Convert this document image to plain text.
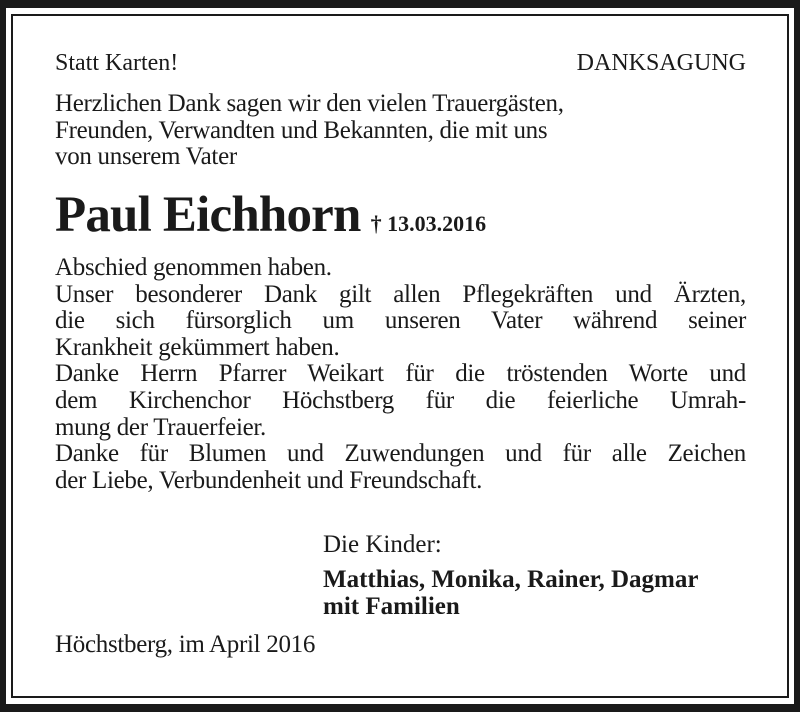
Statt Karten!	DANKSAGUNG
Herzlichen Dank sagen wir den vielen Trauergästen,
Freunden, Verwandten und Bekannten, die mit uns
von unserem Vater
Paul Eichhorn † 13.03.2016
Abschied genommen haben.
Unser besonderer Dank gilt allen Pflegekräften und Ärzten,
die sich fürsorglich um unseren Vater während seiner
Krankheit gekümmert haben.
Danke Herrn Pfarrer Weikart für die tröstenden Worte und
dem Kirchenchor Höchstberg für die feierliche Umrah-
mung der Trauerfeier.
Danke für Blumen und Zuwendungen und für alle Zeichen
der Liebe, Verbundenheit und Freundschaft.
Die Kinder:
Matthias, Monika, Rainer, Dagmar
mit Familien
Höchstberg, im April 2016
